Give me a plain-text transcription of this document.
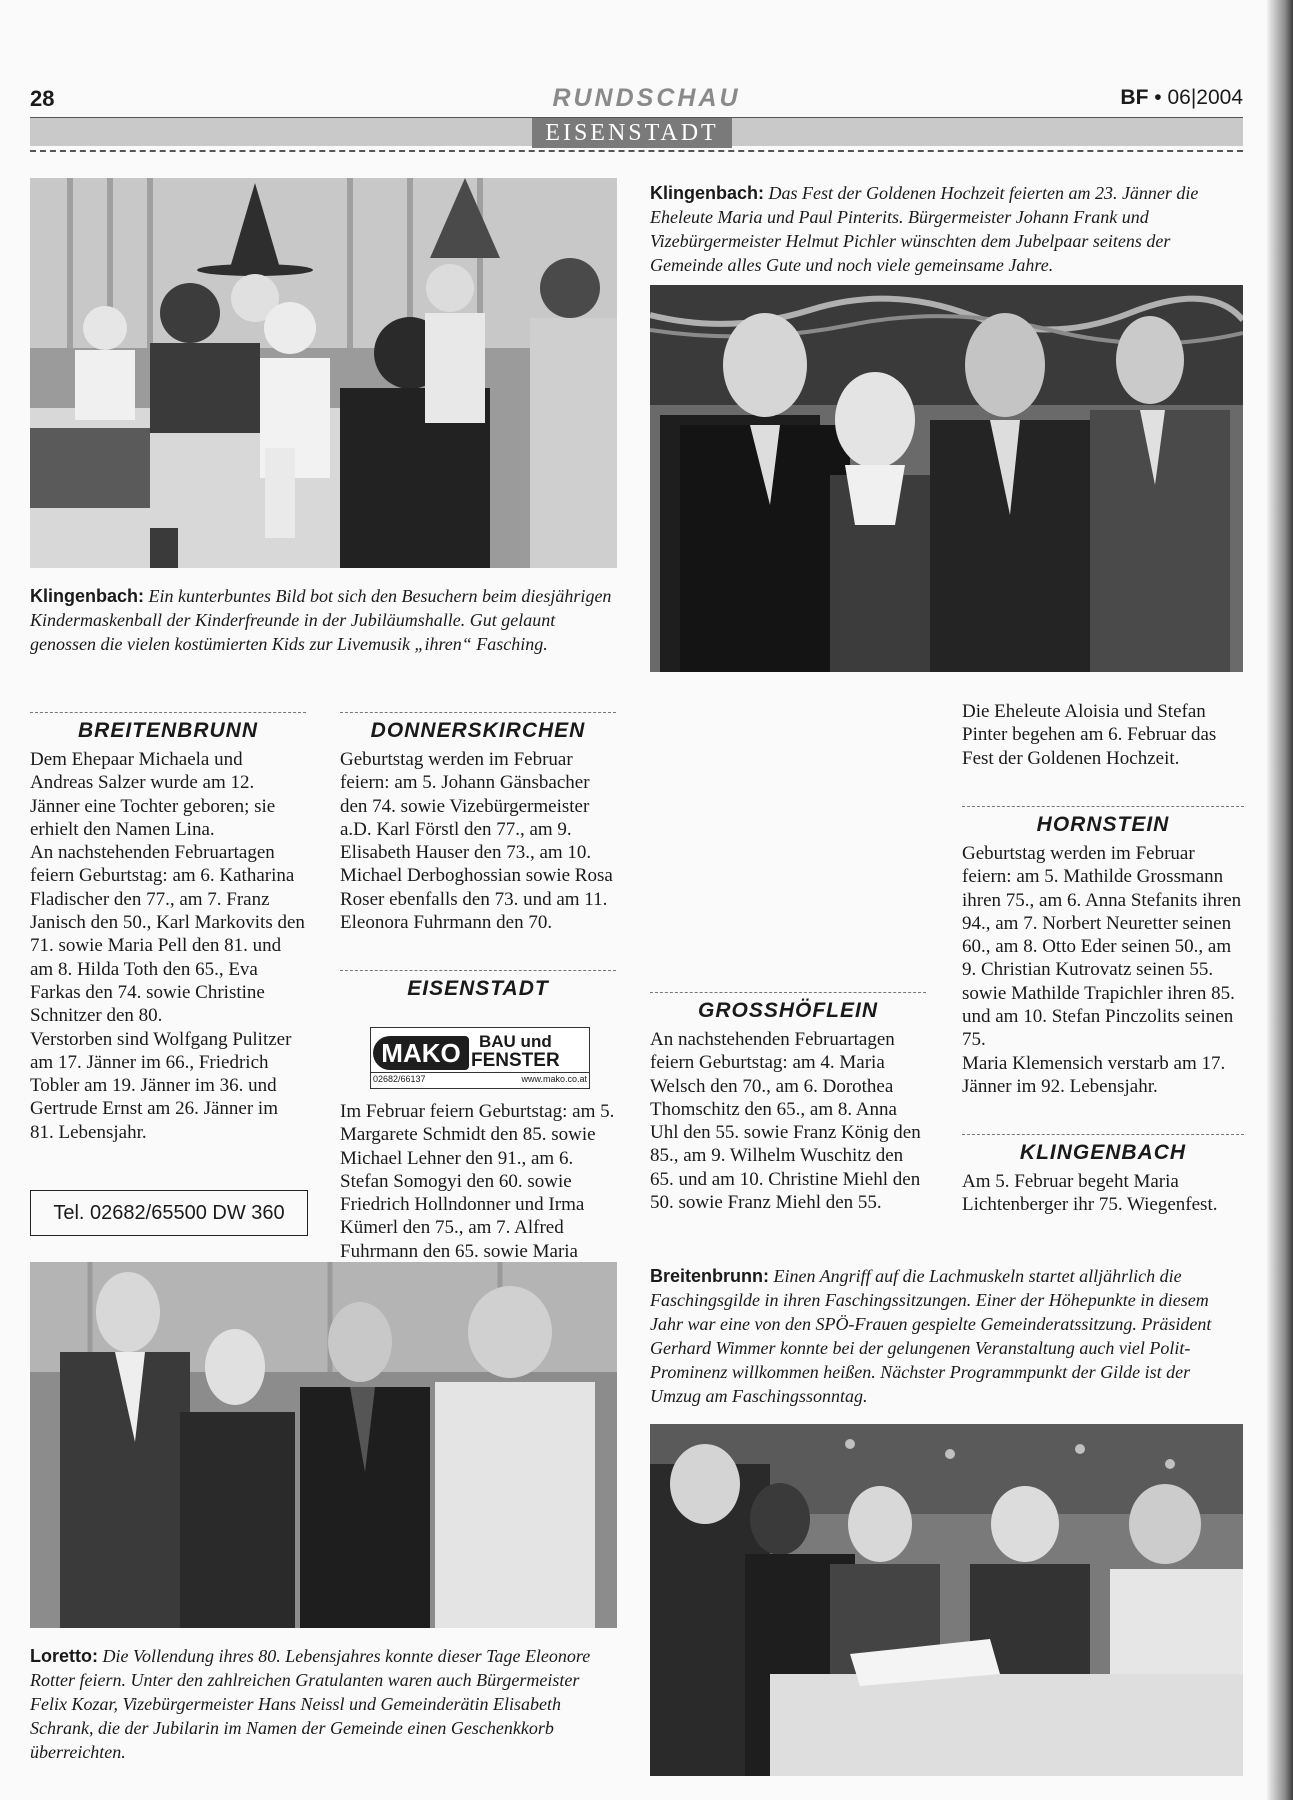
28	RUNDSCHAU	BF • 06|2004
EISENSTADT

Klingenbach: Ein kunterbuntes Bild bot sich den Besuchern beim diesjährigen Kindermaskenball der Kinderfreunde in der Jubiläumshalle. Gut gelaunt genossen die vielen kostümierten Kids zur Livemusik „ihren“ Fasching.

Klingenbach: Das Fest der Goldenen Hochzeit feierten am 23. Jänner die Eheleute Maria und Paul Pinterits. Bürgermeister Johann Frank und Vizebürgermeister Helmut Pichler wünschten dem Jubelpaar seitens der Gemeinde alles Gute und noch viele gemeinsame Jahre.

BREITENBRUNN

Dem Ehepaar Michaela und Andreas Salzer wurde am 12. Jänner eine Tochter geboren; sie erhielt den Namen Lina.

An nachstehenden Februartagen feiern Geburtstag: am 6. Katharina Fladischer den 77., am 7. Franz Janisch den 50., Karl Markovits den 71. sowie Maria Pell den 81. und am 8. Hilda Toth den 65., Eva Farkas den 74. sowie Christine Schnitzer den 80.

Verstorben sind Wolfgang Pulitzer am 17. Jänner im 66., Friedrich Tobler am 19. Jänner im 36. und Gertrude Ernst am 26. Jänner im 81. Lebensjahr.

Tel. 02682/65500 DW 360
DONNERSKIRCHEN

Geburtstag werden im Februar feiern: am 5. Johann Gänsbacher den 74. sowie Vizebürgermeister a.D. Karl Förstl den 77., am 9. Elisabeth Hauser den 73., am 10. Michael Derboghossian sowie Rosa Roser ebenfalls den 73. und am 11. Eleonora Fuhrmann den 70.

EISENSTADT
MAKO	BAU und
FENSTER
02682/66137	www.mako.co.at

Im Februar feiern Geburtstag: am 5. Margarete Schmidt den 85. sowie Michael Lehner den 91., am 6. Stefan Somogyi den 60. sowie Friedrich Hollndonner und Irma Kümerl den 75., am 7. Alfred Fuhrmann den 65. sowie Maria

GROSSHÖFLEIN

An nachstehenden Februartagen feiern Geburtstag: am 4. Maria Welsch den 70., am 6. Dorothea Thomschitz den 65., am 8. Anna Uhl den 55. sowie Franz König den 85., am 9. Wilhelm Wuschitz den 65. und am 10. Christine Miehl den 50. sowie Franz Miehl den 55.

Die Eheleute Aloisia und Stefan Pinter begehen am 6. Februar das Fest der Goldenen Hochzeit.

HORNSTEIN

Geburtstag werden im Februar feiern: am 5. Mathilde Grossmann ihren 75., am 6. Anna Stefanits ihren 94., am 7. Norbert Neuretter seinen 60., am 8. Otto Eder seinen 50., am 9. Christian Kutrovatz seinen 55. sowie Mathilde Trapichler ihren 85. und am 10. Stefan Pinczolits seinen 75.

Maria Klemensich verstarb am 17. Jänner im 92. Lebensjahr.

KLINGENBACH

Am 5. Februar begeht Maria Lichtenberger ihr 75. Wiegenfest.

Loretto: Die Vollendung ihres 80. Lebensjahres konnte dieser Tage Eleonore Rotter feiern. Unter den zahlreichen Gratulanten waren auch Bürgermeister Felix Kozar, Vizebürgermeister Hans Neissl und Gemeinderätin Elisabeth Schrank, die der Jubilarin im Namen der Gemeinde einen Geschenkkorb überreichten.

Breitenbrunn: Einen Angriff auf die Lachmuskeln startet alljährlich die Faschingsgilde in ihren Faschingssitzungen. Einer der Höhepunkte in diesem Jahr war eine von den SPÖ-Frauen gespielte Gemeinderatssitzung. Präsident Gerhard Wimmer konnte bei der gelungenen Veranstaltung auch viel Polit-Prominenz willkommen heißen. Nächster Programmpunkt der Gilde ist der Umzug am Faschingssonntag.
